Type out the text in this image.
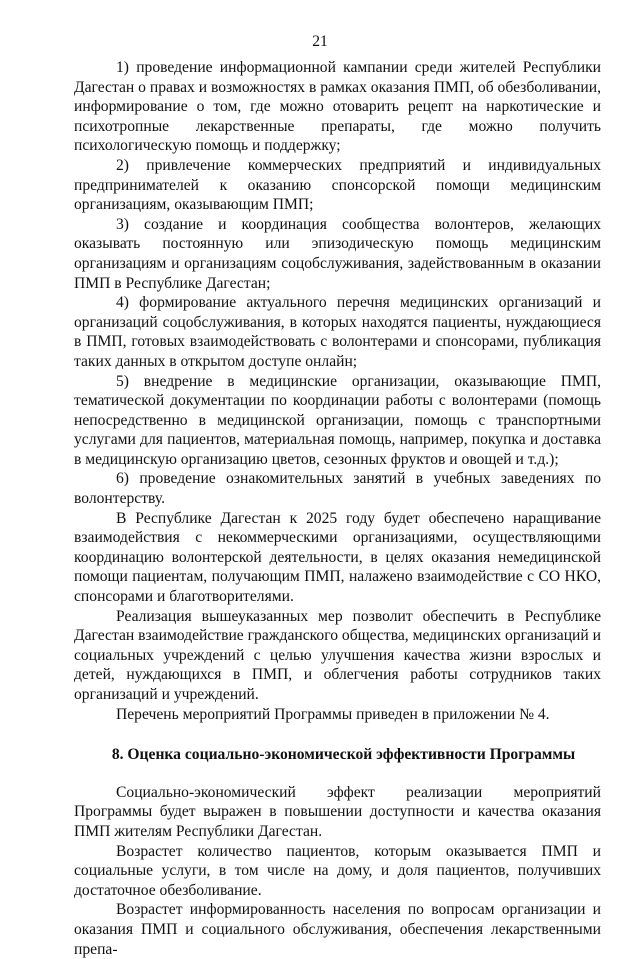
21

1) проведение информационной кампании среди жителей Республики Дагестан о правах и возможностях в рамках оказания ПМП, об обезболивании, информирование о том, где можно отоварить рецепт на наркотические и психотропные лекарственные препараты, где можно получить психологическую помощь и поддержку;

2) привлечение коммерческих предприятий и индивидуальных предпринимателей к оказанию спонсорской помощи медицинским организациям, оказывающим ПМП;

3) создание и координация сообщества волонтеров, желающих оказывать постоянную или эпизодическую помощь медицинским организациям и организациям соцобслуживания, задействованным в оказании ПМП в Республике Дагестан;

4) формирование актуального перечня медицинских организаций и организаций соцобслуживания, в которых находятся пациенты, нуждающиеся в ПМП, готовых взаимодействовать с волонтерами и спонсорами, публикация таких данных в открытом доступе онлайн;

5) внедрение в медицинские организации, оказывающие ПМП, тематической документации по координации работы с волонтерами (помощь непосредственно в медицинской организации, помощь с транспортными услугами для пациентов, материальная помощь, например, покупка и доставка в медицинскую организацию цветов, сезонных фруктов и овощей и т.д.);

6) проведение ознакомительных занятий в учебных заведениях по волонтерству.

В Республике Дагестан к 2025 году будет обеспечено наращивание взаимодействия с некоммерческими организациями, осуществляющими координацию волонтерской деятельности, в целях оказания немедицинской помощи пациентам, получающим ПМП, налажено взаимодействие с СО НКО, спонсорами и благотворителями.

Реализация вышеуказанных мер позволит обеспечить в Республике Дагестан взаимодействие гражданского общества, медицинских организаций и социальных учреждений с целью улучшения качества жизни взрослых и детей, нуждающихся в ПМП, и облегчения работы сотрудников таких организаций и учреждений.

Перечень мероприятий Программы приведен в приложении № 4.

8. Оценка социально-экономической эффективности Программы

Социально-экономический эффект реализации мероприятий Программы будет выражен в повышении доступности и качества оказания ПМП жителям Республики Дагестан.

Возрастет количество пациентов, которым оказывается ПМП и социальные услуги, в том числе на дому, и доля пациентов, получивших достаточное обезболивание.

Возрастет информированность населения по вопросам организации и оказания ПМП и социального обслуживания, обеспечения лекарственными препа-
